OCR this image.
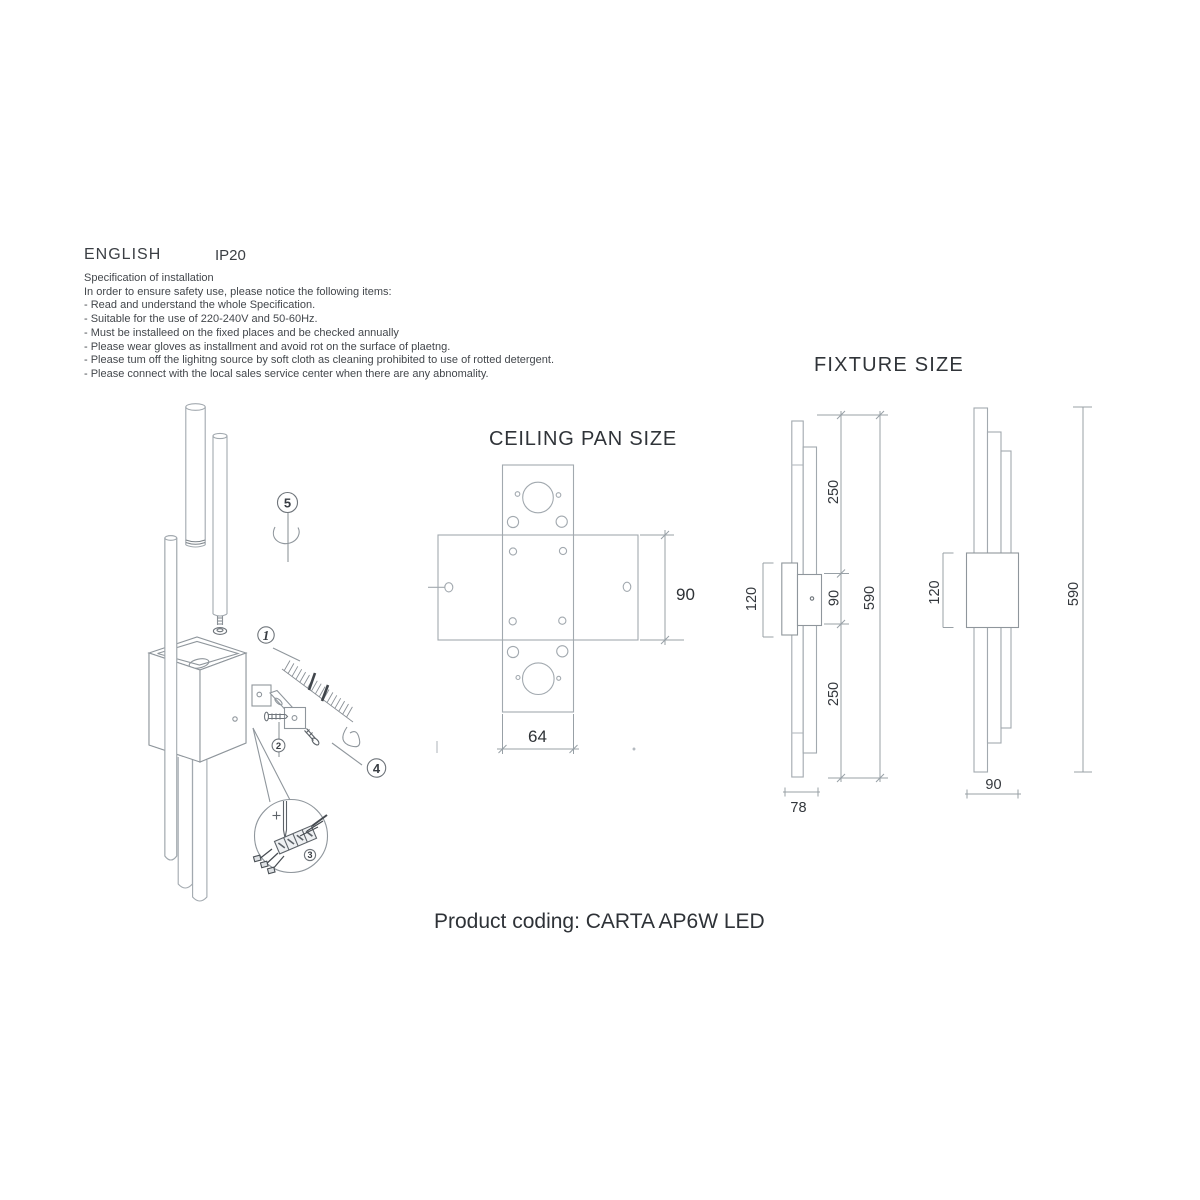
ENGLISH	IP20
Specification of installation
In order to ensure safety use, please notice the following items:
- Read and understand the whole Specification.
- Suitable for the use of 220-240V and 50-60Hz.
- Must be installeed on the fixed places and be checked annually
- Please wear gloves as installment and avoid rot on the surface of plaetng.
- Please tum off the lighitng source by soft cloth as cleaning prohibited to use of rotted detergent.
- Please connect with the local sales service center when there are any abnomality.
5
1
2
4
3
CEILING PAN SIZE
90
64
FIXTURE SIZE
250
90
250
590
120
78
120	590
90
Product coding: CARTA AP6W LED
